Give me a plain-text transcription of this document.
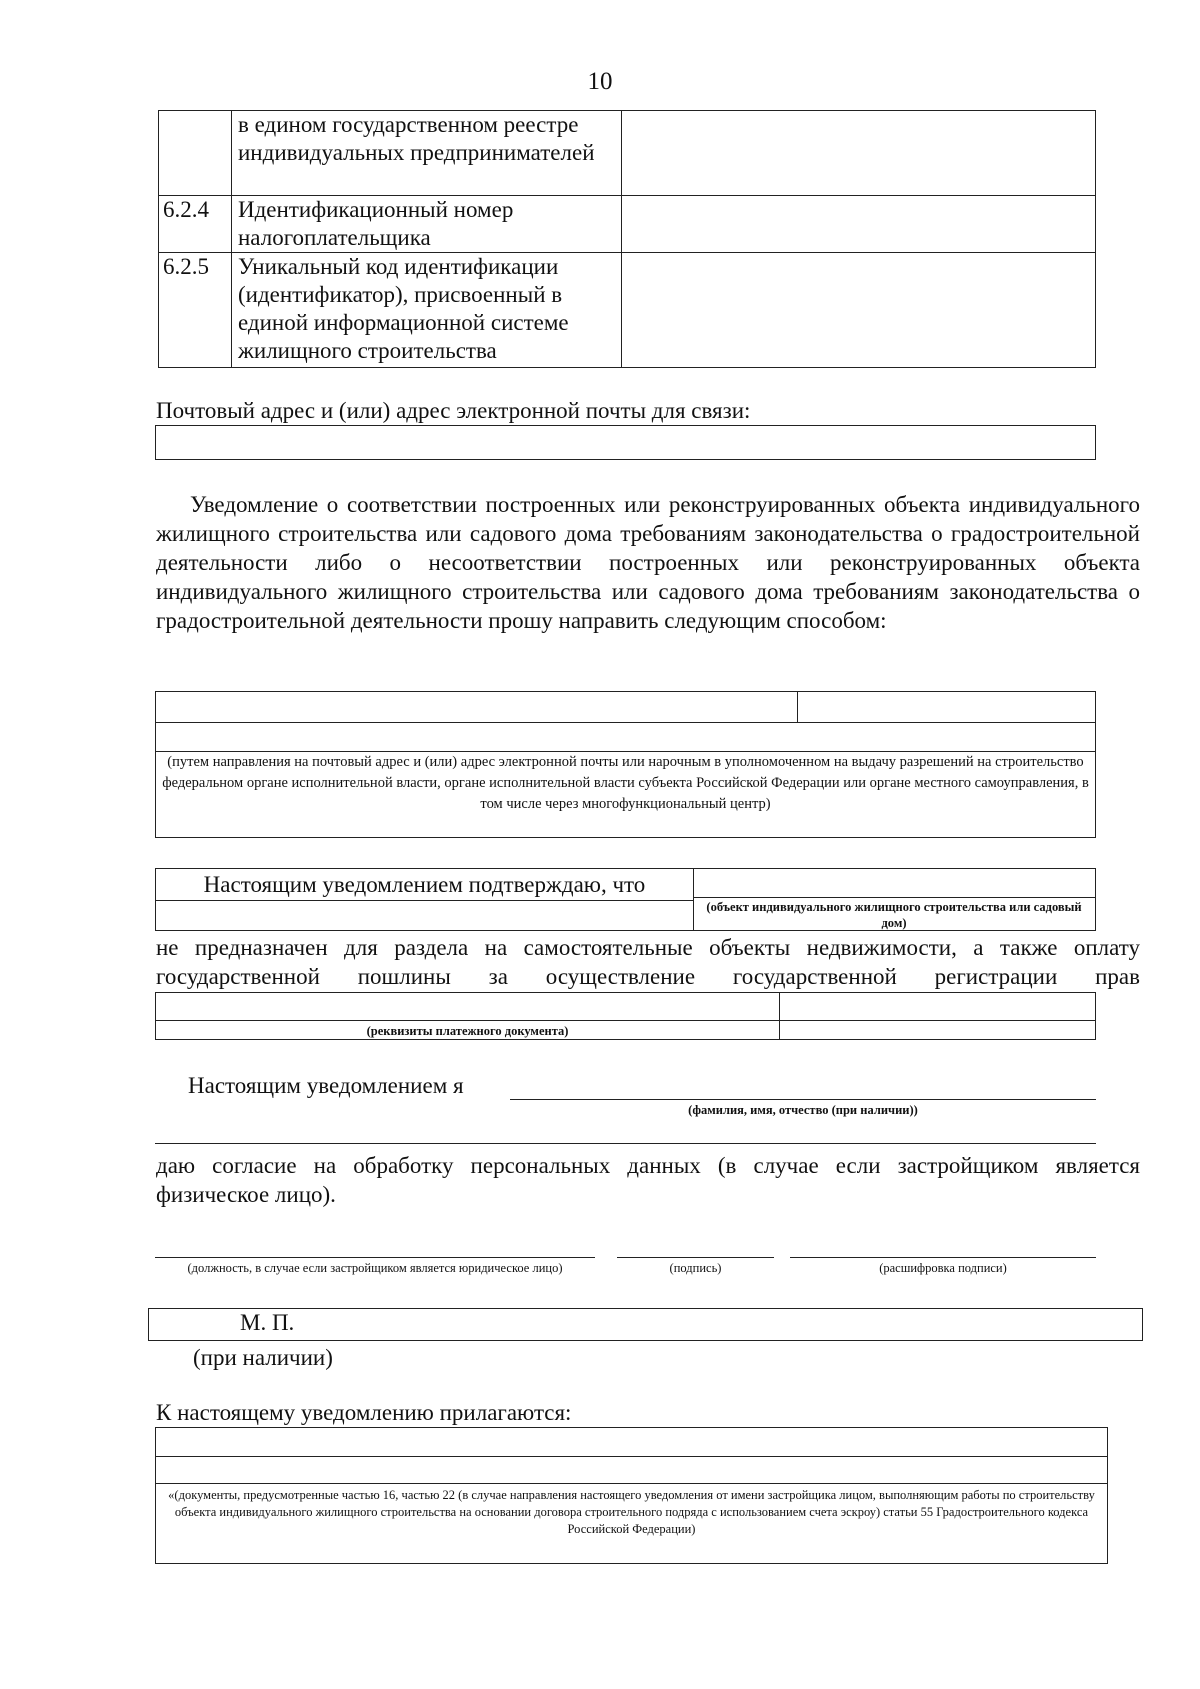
10
	в едином государственном реестре индивидуальных предпринимателей	
6.2.4	Идентификационный номер налогоплательщика	
6.2.5	Уникальный код идентификации (идентификатор), присвоенный в единой информационной системе жилищного строительства	
Почтовый адрес и (или) адрес электронной почты для связи:
Уведомление о соответствии построенных или реконструированных объекта индивидуального жилищного строительства или садового дома требованиям законодательства о градостроительной деятельности либо о несоответствии построенных или реконструированных объекта индивидуального жилищного строительства или садового дома требованиям законодательства о градостроительной деятельности прошу направить следующим способом:
(путем направления на почтовый адрес и (или) адрес электронной почты или нарочным в уполномоченном на выдачу разрешений на строительство федеральном органе исполнительной власти, органе исполнительной власти субъекта Российской Федерации или органе местного самоуправления, в том числе через многофункциональный центр)
Настоящим уведомлением подтверждаю, что
(объект индивидуального жилищного строительства или садовый дом)
не предназначен для раздела на самостоятельные объекты недвижимости, а также оплату государственной пошлины за осуществление государственной регистрации прав
(реквизиты платежного документа)
Настоящим уведомлением я
(фамилия, имя, отчество (при наличии))
даю согласие на обработку персональных данных (в случае если застройщиком является физическое лицо).
(должность, в случае если застройщиком является юридическое лицо)	(подпись)	(расшифровка подписи)
М. П.
(при наличии)
К настоящему уведомлению прилагаются:
«(документы, предусмотренные частью 16, частью 22 (в случае направления настоящего уведомления от имени застройщика лицом, выполняющим работы по строительству объекта индивидуального жилищного строительства на основании договора строительного подряда с использованием счета эскроу) статьи 55 Градостроительного кодекса Российской Федерации)
